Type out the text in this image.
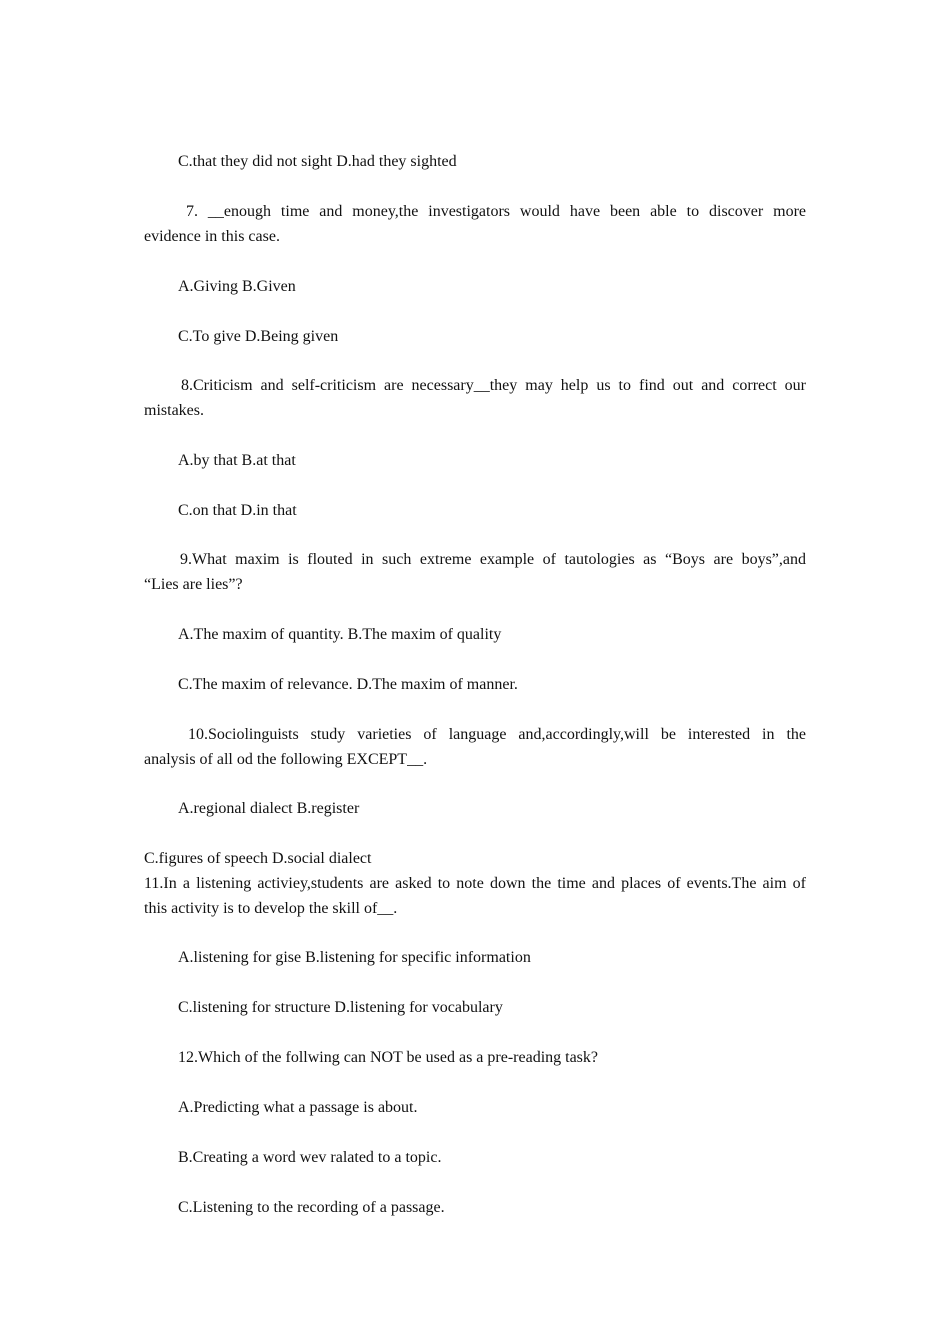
C.that they did not sight D.had they sighted
7. __enough time and money,the investigators would have been able to discover more
evidence in this case.
A.Giving B.Given
C.To give D.Being given
8.Criticism and self-criticism are necessary__they may help us to find out and correct our
mistakes.
A.by that B.at that
C.on that D.in that
9.What maxim is flouted in such extreme example of tautologies as “Boys are boys”,and
“Lies are lies”?
A.The maxim of quantity. B.The maxim of quality
C.The maxim of relevance. D.The maxim of manner.
10.Sociolinguists study varieties of language and,accordingly,will be interested in the
analysis of all od the following EXCEPT__.
A.regional dialect B.register
C.figures of speech D.social dialect
11.In a listening activiey,students are asked to note down the time and places of events.The aim of
this activity is to develop the skill of__.
A.listening for gise B.listening for specific information
C.listening for structure D.listening for vocabulary
12.Which of the follwing can NOT be used as a pre-reading task?
A.Predicting what a passage is about.
B.Creating a word wev ralated to a topic.
C.Listening to the recording of a passage.
